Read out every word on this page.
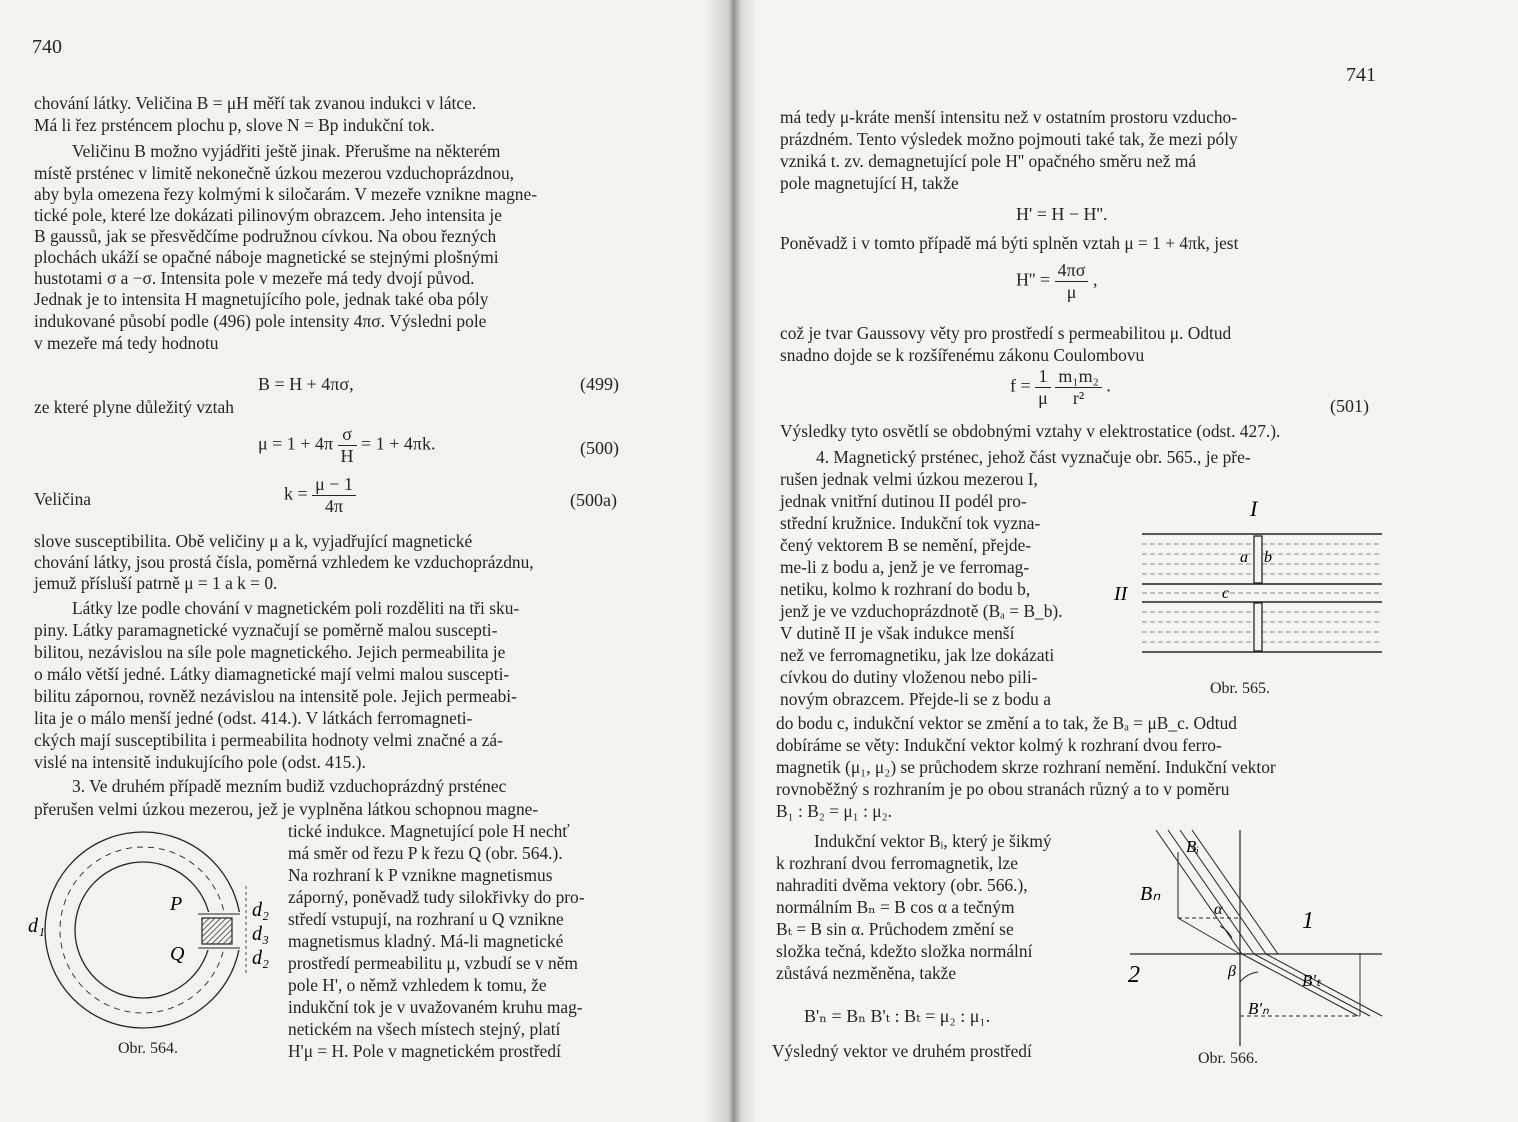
740
chování látky. Veličina B = μH měří tak zvanou indukci v látce.
Má li řez prsténcem plochu p, slove N = Bp indukční tok.
Veličinu B možno vyjádřiti ještě jinak. Přerušme na některém
místě prsténec v limitě nekonečně úzkou mezerou vzduchoprázdnou,
aby byla omezena řezy kolmými k siločarám. V mezeře vznikne magne-
tické pole, které lze dokázati pilinovým obrazcem. Jeho intensita je
B gaussů, jak se přesvědčíme podružnou cívkou. Na obou řezných
plochách ukáží se opačné náboje magnetické se stejnými plošnými
hustotami σ a −σ. Intensita pole v mezeře má tedy dvojí původ.
Jednak je to intensita H magnetujícího pole, jednak také oba póly
indukované působí podle (496) pole intensity 4πσ. Výsledni pole
v mezeře má tedy hodnotu
B = H + 4πσ,	(499)
ze které plyne důležitý vztah
$\mu = 1 + 4\pi \frac{\sigma}{H} = 1 + 4\pi k$.	(500)
Veličina	$k = \frac{\mu - 1}{4\pi}$	(500a)
slove susceptibilita. Obě veličiny μ a k, vyjadřující magnetické
chování látky, jsou prostá čísla, poměrná vzhledem ke vzduchoprázdnu,
jemuž přísluší patrně μ = 1 a k = 0.
Látky lze podle chování v magnetickém poli rozděliti na tři sku-
piny. Látky paramagnetické vyznačují se poměrně malou suscepti-
bilitou, nezávislou na síle pole magnetického. Jejich permeabilita je
o málo větší jedné. Látky diamagnetické mají velmi malou suscepti-
bilitu zápornou, rovněž nezávislou na intensitě pole. Jejich permeabi-
lita je o málo menší jedné (odst. 414.). V látkách ferromagneti-
ckých mají susceptibilita i permeabilita hodnoty velmi značné a zá-
vislé na intensitě indukujícího pole (odst. 415.).
3. Ve druhém případě mezním budiž vzduchoprázdný prsténec
přerušen velmi úzkou mezerou, jež je vyplněna látkou schopnou magne-
tické indukce. Magnetující pole H nechť
má směr od řezu P k řezu Q (obr. 564.).
Na rozhraní k P vznikne magnetismus
záporný, poněvadž tudy silokřivky do pro-
středí vstupují, na rozhraní u Q vznikne
magnetismus kladný. Má-li magnetické
prostředí permeabilitu μ, vzbudí se v něm
pole H', o němž vzhledem k tomu, že
indukční tok je v uvažovaném kruhu mag-
netickém na všech místech stejný, platí
H'μ = H. Pole v magnetickém prostředí
P
Q
d₁
d₂
d₃
d₂
Obr. 564.
741
má tedy μ-kráte menší intensitu než v ostatním prostoru vzducho-
prázdném. Tento výsledek možno pojmouti také tak, že mezi póly
vzniká t. zv. demagnetující pole H'' opačného směru než má
pole magnetující H, takže
H' = H − H''.
Poněvadž i v tomto případě má býti splněn vztah μ = 1 + 4πk, jest
$H'' = \frac{4\pi\sigma}{\mu}$ ,
což je tvar Gaussovy věty pro prostředí s permeabilitou μ. Odtud
snadno dojde se k rozšířenému zákonu Coulombovu
$f = \frac{1}{\mu}$
$\frac{\text{m₁m₂}}{\text{r²}}$ .
(501)
Výsledky tyto osvětlí se obdobnými vztahy v elektrostatice (odst. 427.).
4. Magnetický prsténec, jehož část vyznačuje obr. 565., je pře-
rušen jednak velmi úzkou mezerou I,
jednak vnitřní dutinou II podél pro-
střední kružnice. Indukční tok vyzna-
čený vektorem B se nemění, přejde-
me-li z bodu a, jenž je ve ferromag-
netiku, kolmo k rozhraní do bodu b,
jenž je ve vzduchoprázdnotě (Bₐ = B_b).
V dutině II je však indukce menší
než ve ferromagnetiku, jak lze dokázati
cívkou do dutiny vloženou nebo pili-
novým obrazcem. Přejde-li se z bodu a
I
II
a b
c
Obr. 565.
do bodu c, indukční vektor se změní a to tak, že Bₐ = μB_c. Odtud
dobíráme se věty: Indukční vektor kolmý k rozhraní dvou ferro-
magnetik (μ₁, μ₂) se průchodem skrze rozhraní nemění. Indukční vektor
rovnoběžný s rozhraním je po obou stranách různý a to v poměru
B₁ : B₂ = μ₁ : μ₂.
Indukční vektor Bᵢ, který je šikmý
k rozhraní dvou ferromagnetik, lze
nahraditi dvěma vektory (obr. 566.),
normálním Bₙ = B cos α a tečným
Bₜ = B sin α. Průchodem změní se
složka tečná, kdežto složka normální
zůstává nezměněna, takže
B'ₙ = Bₙ B'ₜ : Bₜ = μ₂ : μ₁.
Výsledný vektor ve druhém prostředí
Bᵢ
Bₙ
α	1
2	β	B'ₜ
B'ₙ
Obr. 566.
